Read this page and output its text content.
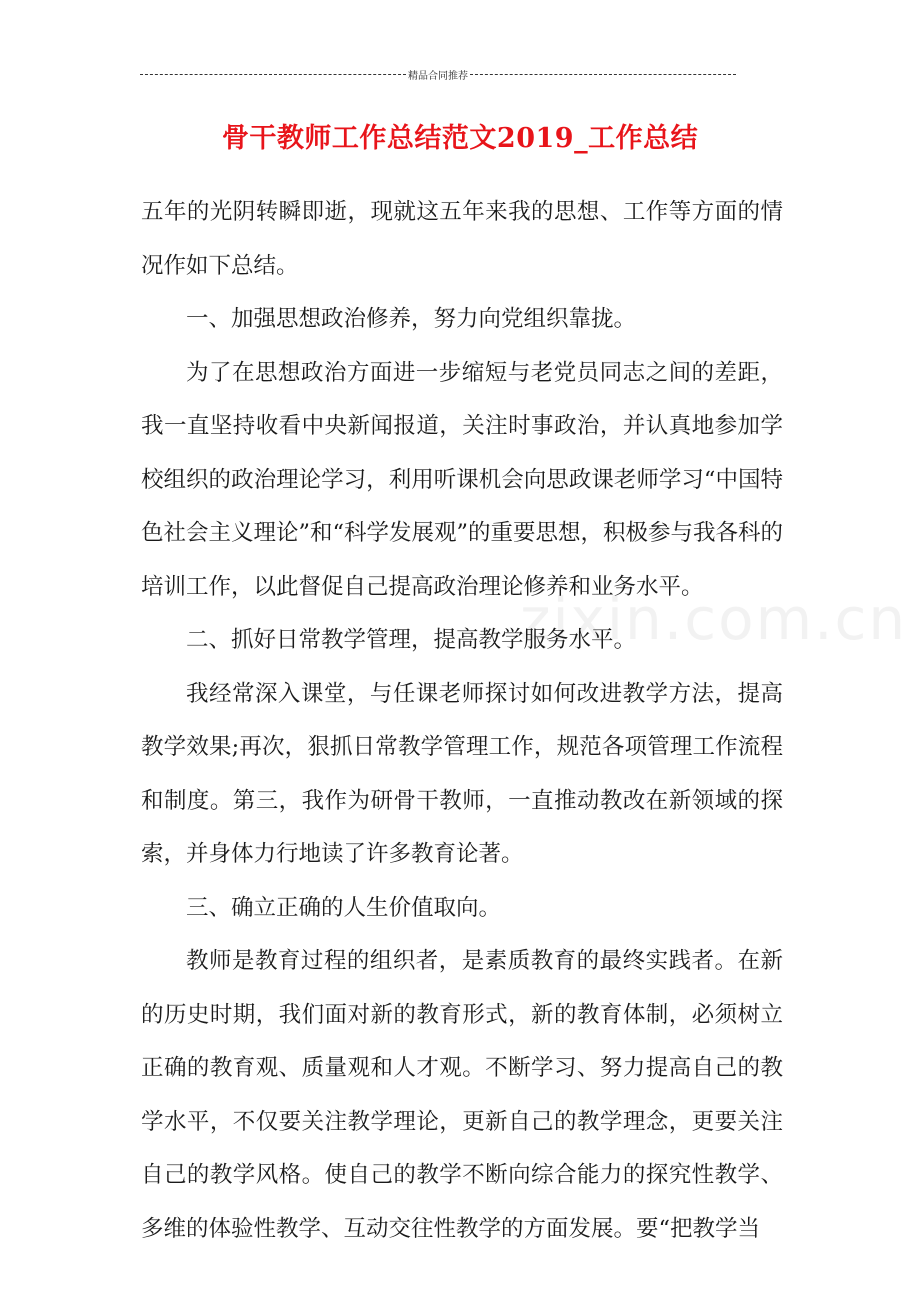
精品合同推荐
骨干教师工作总结范文2019_工作总结
zixin.com.cn

五年的光阴转瞬即逝，现就这五年来我的思想、工作等方面的情况作如下总结。

一、加强思想政治修养，努力向党组织靠拢。

为了在思想政治方面进一步缩短与老党员同志之间的差距，我一直坚持收看中央新闻报道，关注时事政治，并认真地参加学校组织的政治理论学习，利用听课机会向思政课老师学习“中国特色社会主义理论”和“科学发展观”的重要思想，积极参与我各科的培训工作，以此督促自己提高政治理论修养和业务水平。

二、抓好日常教学管理，提高教学服务水平。

我经常深入课堂，与任课老师探讨如何改进教学方法，提高教学效果;再次，狠抓日常教学管理工作，规范各项管理工作流程和制度。第三，我作为研骨干教师，一直推动教改在新领域的探索，并身体力行地读了许多教育论著。

三、确立正确的人生价值取向。

教师是教育过程的组织者，是素质教育的最终实践者。在新的历史时期，我们面对新的教育形式，新的教育体制，必须树立正确的教育观、质量观和人才观。不断学习、努力提高自己的教学水平，不仅要关注教学理论，更新自己的教学理念，更要关注自己的教学风格。使自己的教学不断向综合能力的探究性教学、多维的体验性教学、互动交往性教学的方面发展。要“把教学当
